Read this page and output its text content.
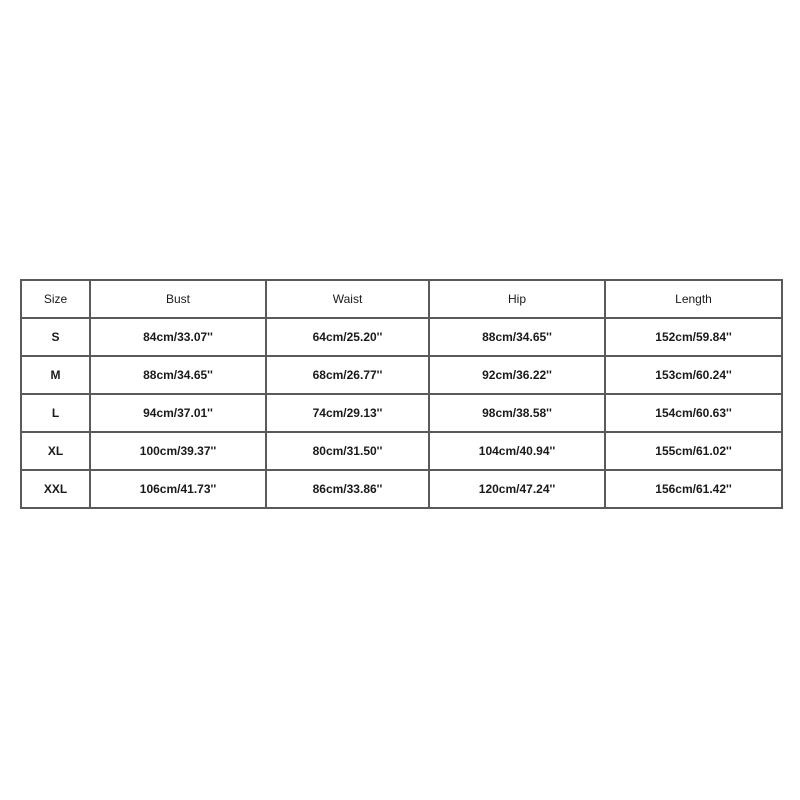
Size	Bust	Waist	Hip	Length
S	84cm/33.07''	64cm/25.20''	88cm/34.65''	152cm/59.84''
M	88cm/34.65''	68cm/26.77''	92cm/36.22''	153cm/60.24''
L	94cm/37.01''	74cm/29.13''	98cm/38.58''	154cm/60.63''
XL	100cm/39.37''	80cm/31.50''	104cm/40.94''	155cm/61.02''
XXL	106cm/41.73''	86cm/33.86''	120cm/47.24''	156cm/61.42''
